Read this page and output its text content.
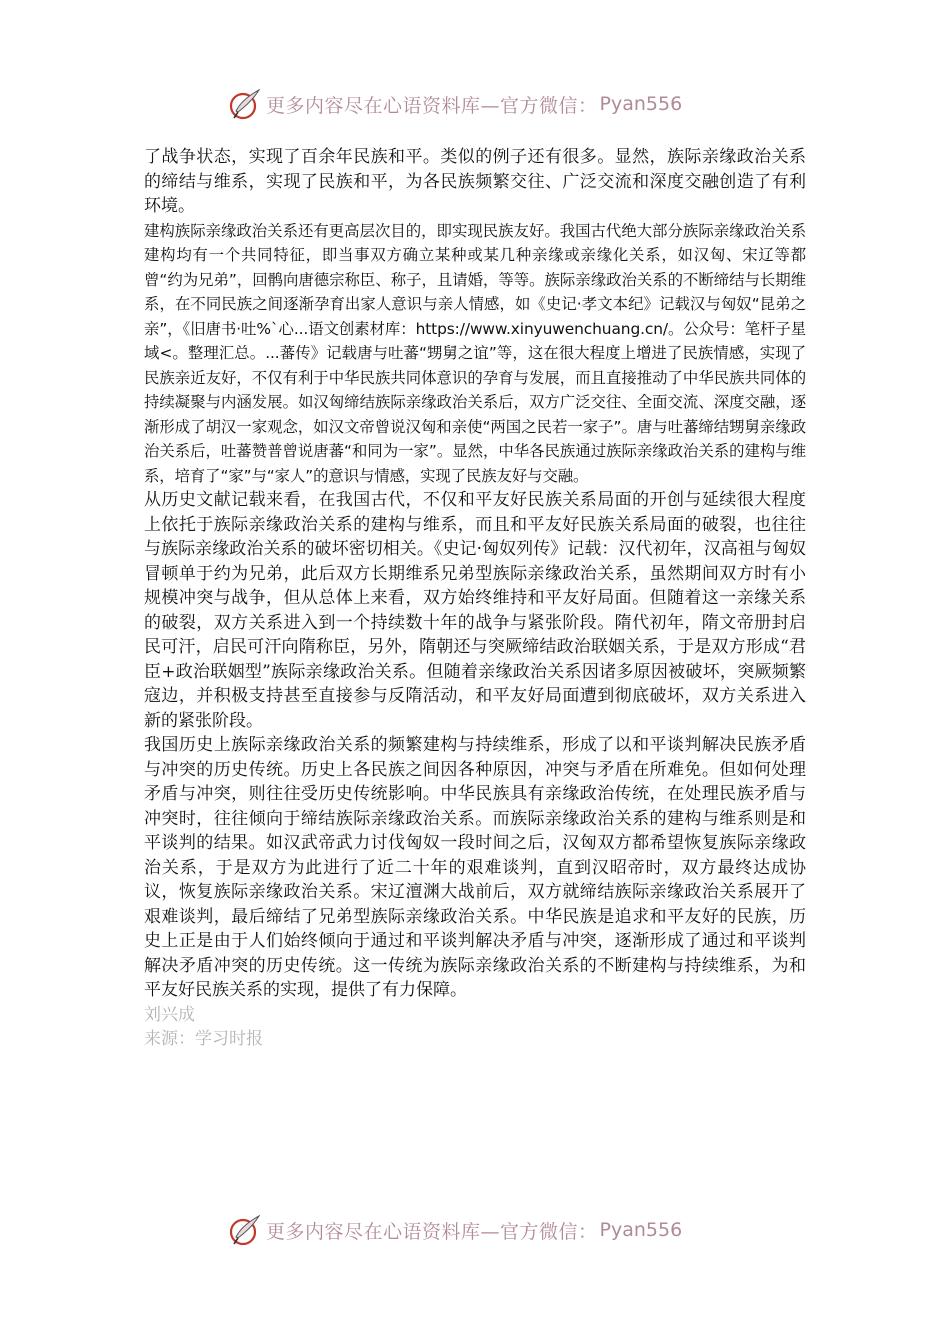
更多内容尽在心语资料库—官方微信： Pyan556

了战争状态，实现了百余年民族和平。类似的例子还有很多。显然，族际亲缘政治关系的缔结与维系，实现了民族和平，为各民族频繁交往、广泛交流和深度交融创造了有利环境。

建构族际亲缘政治关系还有更高层次目的，即实现民族友好。我国古代绝大部分族际亲缘政治关系建构均有一个共同特征，即当事双方确立某种或某几种亲缘或亲缘化关系，如汉匈、宋辽等都曾“约为兄弟”，回鹘向唐德宗称臣、称子，且请婚，等等。族际亲缘政治关系的不断缔结与长期维系，在不同民族之间逐渐孕育出家人意识与亲人情感，如《史记·孝文本纪》记载汉与匈奴“昆弟之亲”，《旧唐书·吐%`心...语文创素材库：https://www.xinyuwenchuang.cn/。公众号：笔杆子星域<。整理汇总。...蕃传》记载唐与吐蕃“甥舅之谊”等，这在很大程度上增进了民族情感，实现了民族亲近友好，不仅有利于中华民族共同体意识的孕育与发展，而且直接推动了中华民族共同体的持续凝聚与内涵发展。如汉匈缔结族际亲缘政治关系后，双方广泛交往、全面交流、深度交融，逐渐形成了胡汉一家观念，如汉文帝曾说汉匈和亲使“两国之民若一家子”。唐与吐蕃缔结甥舅亲缘政治关系后，吐蕃赞普曾说唐蕃“和同为一家”。显然，中华各民族通过族际亲缘政治关系的建构与维系，培育了“家”与“家人”的意识与情感，实现了民族友好与交融。

从历史文献记载来看，在我国古代，不仅和平友好民族关系局面的开创与延续很大程度上依托于族际亲缘政治关系的建构与维系，而且和平友好民族关系局面的破裂，也往往与族际亲缘政治关系的破坏密切相关。《史记·匈奴列传》记载：汉代初年，汉高祖与匈奴冒顿单于约为兄弟，此后双方长期维系兄弟型族际亲缘政治关系，虽然期间双方时有小规模冲突与战争，但从总体上来看，双方始终维持和平友好局面。但随着这一亲缘关系的破裂，双方关系进入到一个持续数十年的战争与紧张阶段。隋代初年，隋文帝册封启民可汗，启民可汗向隋称臣，另外，隋朝还与突厥缔结政治联姻关系，于是双方形成“君臣+政治联姻型”族际亲缘政治关系。但随着亲缘政治关系因诸多原因被破坏，突厥频繁寇边，并积极支持甚至直接参与反隋活动，和平友好局面遭到彻底破坏，双方关系进入新的紧张阶段。

我国历史上族际亲缘政治关系的频繁建构与持续维系，形成了以和平谈判解决民族矛盾与冲突的历史传统。历史上各民族之间因各种原因，冲突与矛盾在所难免。但如何处理矛盾与冲突，则往往受历史传统影响。中华民族具有亲缘政治传统，在处理民族矛盾与冲突时，往往倾向于缔结族际亲缘政治关系。而族际亲缘政治关系的建构与维系则是和平谈判的结果。如汉武帝武力讨伐匈奴一段时间之后，汉匈双方都希望恢复族际亲缘政治关系，于是双方为此进行了近二十年的艰难谈判，直到汉昭帝时，双方最终达成协议，恢复族际亲缘政治关系。宋辽澶渊大战前后，双方就缔结族际亲缘政治关系展开了艰难谈判，最后缔结了兄弟型族际亲缘政治关系。中华民族是追求和平友好的民族，历史上正是由于人们始终倾向于通过和平谈判解决矛盾与冲突，逐渐形成了通过和平谈判解决矛盾冲突的历史传统。这一传统为族际亲缘政治关系的不断建构与持续维系，为和平友好民族关系的实现，提供了有力保障。

刘兴成

来源：学习时报

更多内容尽在心语资料库—官方微信： Pyan556
